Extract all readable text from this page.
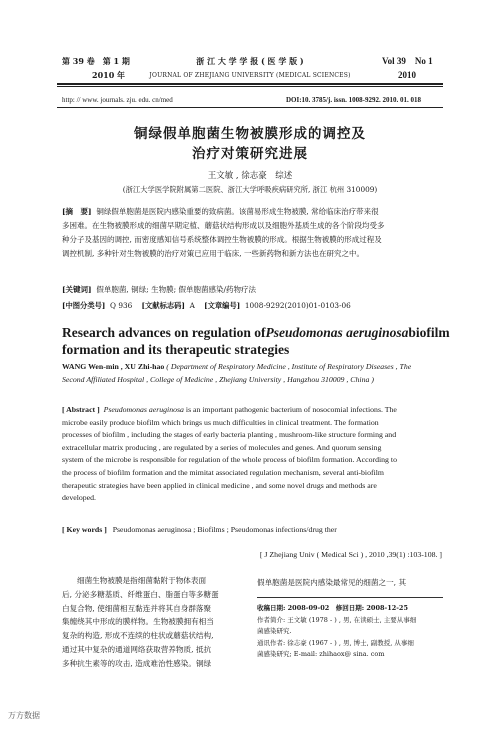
第 39 卷　第 1 期
2010 年
浙 江 大 学 学 报 ( 医 学 版 )
JOURNAL OF ZHEJIANG UNIVERSITY (MEDICAL SCIENCES)
Vol 39　No 1
2010
http: // www. journals. zju. edu. cn/med	DOI:10. 3785/j. issn. 1008-9292. 2010. 01. 018
铜绿假单胞菌生物被膜形成的调控及
治疗对策研究进展
王文敏 , 徐志豪　综述
(浙江大学医学院附属第二医院、浙江大学呼吸疾病研究所, 浙江 杭州 310009)
[摘　要] 铜绿假单胞菌是医院内感染重要的致病菌。该菌易形成生物被膜, 常给临床治疗带来很
多困难。在生物被膜形成的细菌早期定植、蘑菇状结构形成以及细胞外基质生成的各个阶段均受多
种分子及基因的调控, 而密度感知信号系统整体调控生物被膜的形成。根据生物被膜的形成过程及
调控机制, 多种针对生物被膜的治疗对策已应用于临床, 一些新药物和新方法也在研究之中。
[关键词] 假单胞菌, 铜绿; 生物膜; 假单胞菌感染/药物疗法
[中图分类号] Q 936 [文献标志码] A [文章编号] 1008-9292(2010)01-0103-06
Research advances on regulation of Pseudomonas aeruginosa biofilm
formation and its therapeutic strategies
WANG Wen-min , XU Zhi-hao ( Department of Respiratory Medicine , Institute of Respiratory Diseases , The
Second Affiliated Hospital , College of Medicine , Zhejiang University , Hangzhou 310009 , China )
[ Abstract ] Pseudomonas aeruginosa is an important pathogenic bacterium of nosocomial infections. The
microbe easily produce biofilm which brings us much difficulties in clinical treatment. The formation
processes of biofilm , including the stages of early bacteria planting , mushroom-like structure forming and
extracellular matrix producing , are regulated by a series of molecules and genes. And quorum sensing
system of the microbe is responsible for regulation of the whole process of biofilm formation. According to
the process of biofilm formation and the mimitat associated regulation mechanism, several anti-biofilm
therapeutic strategies have been applied in clinical medicine , and some novel drugs and methods are
developed.
[ Key words ] Pseudomonas aeruginosa ; Biofilms ; Pseudomonas infections/drug ther
[ J Zhejiang Univ ( Medical Sci ) , 2010 ,39(1) :103-108. ]
细菌生物被膜是指细菌黏附于物体表面
后, 分泌多糖基质、纤维蛋白、脂蛋白等多糖蛋
白复合物, 使细菌相互黏连并将其自身群落聚
集缠绕其中形成的膜样物。生物被膜拥有相当
复杂的构造, 形成不连续的柱状或蘑菇状结构,
通过其中复杂的通道网络获取营养物质, 抵抗
多种抗生素等的攻击, 造成难治性感染。铜绿
假单胞菌是医院内感染最常见的细菌之一, 其
收稿日期: 2008-09-02　修回日期: 2008-12-25
作者简介: 王文敏 (1978 - ) , 男, 在读硕士, 主要从事细
菌感染研究.
通讯作者: 徐志豪 (1967 - ) , 男, 博士, 副教授, 从事细
菌感染研究; E-mail: zhihaox@ sina. com
万方数据
